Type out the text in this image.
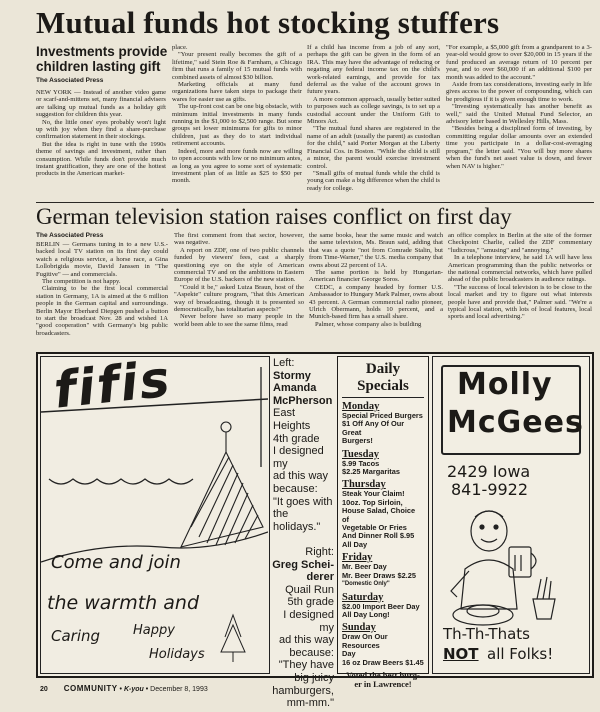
Mutual funds hot stocking stuffers
Investments provide
children lasting gift
The Associated Press

NEW YORK — Instead of another video game or scarf-and-mittens set, many financial advisers are talking up mutual funds as a holiday gift suggestion for children this year.

No, the little ones' eyes probably won't light up with joy when they find a share-purchase confirmation statement in their stockings.

But the idea is right in tune with the 1990s theme of savings and investment, rather than consumption. While funds don't provide much instant gratification, they are one of the hottest products in the American market-

place.

"Your present really becomes the gift of a lifetime," said Stein Roe & Farnham, a Chicago firm that runs a family of 15 mutual funds with combined assets of almost $30 billion.

Marketing officials at many fund organizations have taken steps to package their wares for easier use as gifts.

The up-front cost can be one big obstacle, with minimum initial investments in many funds running in the $1,000 to $2,500 range. But some groups set lower minimums for gifts to minor children, just as they do to start individual retirement accounts.

Indeed, more and more funds now are willing to open accounts with low or no minimum antes, as long as you agree to some sort of systematic investment plan of as little as $25 to $50 per month.

If a child has income from a job of any sort, perhaps the gift can be given in the form of an IRA. This may have the advantage of reducing or negating any federal income tax on the child's work-related earnings, and provide for tax deferral as the value of the account grows in future years.

A more common approach, usually better suited to purposes such as college savings, is to set up a custodial account under the Uniform Gift to Minors Act.

"The mutual fund shares are registered in the name of an adult (usually the parent) as custodian for the child," said Porter Morgan at the Liberty Financial Cos. in Boston. "While the child is still a minor, the parent would exercise investment control.

"Small gifts of mutual funds while the child is young can make a big difference when the child is ready for college.

"For example, a $5,000 gift from a grandparent to a 3-year-old would grow to over $20,000 in 15 years if the fund produced an average return of 10 percent per year, and to over $60,000 if an additional $100 per month was added to the account."

Aside from tax considerations, investing early in life gives access to the power of compounding, which can be prodigious if it is given enough time to work.

"Investing systematically has another benefit as well," said the United Mutual Fund Selector, an advisory letter based in Wellesley Hills, Mass.

"Besides being a disciplined form of investing, by committing regular dollar amounts over an extended time you participate in a dollar-cost-averaging program," the letter said. "You will buy more shares when the fund's net asset value is down, and fewer when NAV is higher."

German television station raises conflict on first day
The Associated Press

BERLIN — Germans tuning in to a new U.S.-backed local TV station on its first day could watch a religious service, a horse race, a Gina Lollobrigida movie, David Janssen in "The Fugitive" — and commercials.

The competition is not happy.

Claiming to be the first local commercial station in Germany, 1A is aimed at the 6 million people in the German capital and surroundings. Berlin Mayor Eberhard Diepgen pushed a button to start the broadcast Nov. 28 and wished 1A "good cooperation" with Germany's big public broadcasters.

The first comment from that sector, however, was negative.

A report on ZDF, one of two public channels funded by viewers' fees, cast a sharply questioning eye on the style of American commercial TV and on the ambitions in Eastern Europe of the U.S. backers of the new station.

"Could it be," asked Luiza Braun, host of the "Aspekte" culture program, "that this American way of broadcasting, though it is presented so democratically, has totalitarian aspects?"

Never before have so many people in the world been able to see the same films, read

the same books, hear the same music and watch the same television, Ms. Braun said, adding that that was a quote "not from Comrade Stalin, but from Time-Warner," the U.S. media company that owns about 22 percent of 1A.

The same portion is held by Hungarian-American financier George Soros.

CEDC, a company headed by former U.S. Ambassador to Hungary Mark Palmer, owns about 43 percent. A German commercial radio pioneer, Ulrich Obermann, holds 10 percent, and a Munich-based firm has a small share.

Palmer, whose company also is building

an office complex in Berlin at the site of the former Checkpoint Charlie, called the ZDF commentary "ludicrous," "amusing" and "annoying."

In a telephone interview, he said 1A will have less American programming than the public networks or the national commercial networks, which have pulled ahead of the public broadcasters in audience ratings.

"The success of local television is to be close to the local market and try to figure out what interests people have and provide that," Palmer said. "We're a typical local station, with lots of local features, local sports and local advertising."

fifis
Come and join
the warmth and
Caring	Happy
Holidays
Left:
Stormy
Amanda
McPherson
East Heights
4th grade
I designed my
ad this way
because:
"It goes with
the holidays."
Right:
Greg Schei-
derer
Quail Run
5th grade
I designed my
ad this way
because:
"They have
big juicy
hamburgers,
mm-mm."
Daily Specials
Monday
Special Priced Burgers
$1 Off Any Of Our Great
Burgers!
Tuesday
$.99 Tacos
$2.25 Margaritas
Thursday
Steak Your Claim!
10oz. Top Sirloin,
House Salad, Choice of
Vegetable Or Fries
And Dinner Roll $.95
All Day
Friday
Mr. Beer Day
Mr. Beer Draws $2.25
"Domestic Only"
Saturday
$2.00 Import Beer Day
All Day Long!
Sunday
Draw On Our Resources
Day
16 oz Draw Beers $1.45
Voted the best burg-
er in Lawrence!
Molly
McGees
2429 Iowa
841-9922
Th-Th-Thats
NOT all Folks!
20 COMMUNITY • K-you • December 8, 1993
